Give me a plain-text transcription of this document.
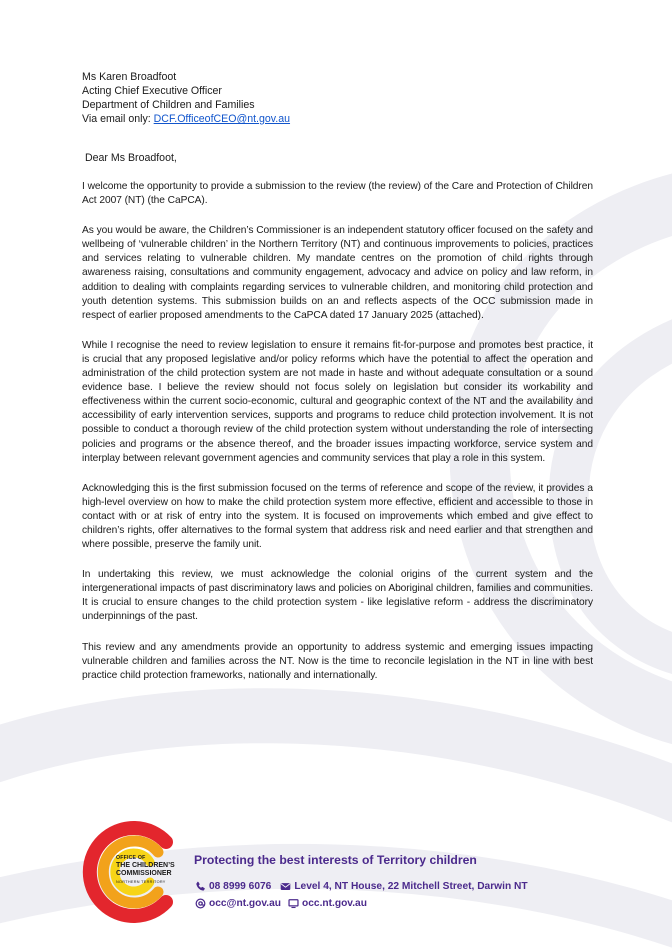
Ms Karen Broadfoot
Acting Chief Executive Officer
Department of Children and Families
Via email only: DCF.OfficeofCEO@nt.gov.au
Dear Ms Broadfoot,

I welcome the opportunity to provide a submission to the review (the review) of the Care and Protection of Children Act 2007 (NT) (the CaPCA).

As you would be aware, the Children’s Commissioner is an independent statutory officer focused on the safety and wellbeing of ‘vulnerable children’ in the Northern Territory (NT) and continuous improvements to policies, practices and services relating to vulnerable children. My mandate centres on the promotion of child rights through awareness raising, consultations and community engagement, advocacy and advice on policy and law reform, in addition to dealing with complaints regarding services to vulnerable children, and monitoring child protection and youth detention systems. This submission builds on an and reflects aspects of the OCC submission made in respect of earlier proposed amendments to the CaPCA dated 17 January 2025 (attached).

While I recognise the need to review legislation to ensure it remains fit-for-purpose and promotes best practice, it is crucial that any proposed legislative and/or policy reforms which have the potential to affect the operation and administration of the child protection system are not made in haste and without adequate consultation or a sound evidence base. I believe the review should not focus solely on legislation but consider its workability and effectiveness within the current socio-economic, cultural and geographic context of the NT and the availability and accessibility of early intervention services, supports and programs to reduce child protection involvement. It is not possible to conduct a thorough review of the child protection system without understanding the role of intersecting policies and programs or the absence thereof, and the broader issues impacting workforce, service system and interplay between relevant government agencies and community services that play a role in this system.

Acknowledging this is the first submission focused on the terms of reference and scope of the review, it provides a high-level overview on how to make the child protection system more effective, efficient and accessible to those in contact with or at risk of entry into the system. It is focused on improvements which embed and give effect to children’s rights, offer alternatives to the formal system that address risk and need earlier and that strengthen and where possible, preserve the family unit.

In undertaking this review, we must acknowledge the colonial origins of the current system and the intergenerational impacts of past discriminatory laws and policies on Aboriginal children, families and communities. It is crucial to ensure changes to the child protection system - like legislative reform - address the discriminatory underpinnings of the past.

This review and any amendments provide an opportunity to address systemic and emerging issues impacting vulnerable children and families across the NT. Now is the time to reconcile legislation in the NT in line with best practice child protection frameworks, nationally and internationally.

OFFICE OF
THE CHILDREN’S
COMMISSIONER
NORTHERN TERRITORY
Protecting the best interests of Territory children
08 8999 6076 Level 4, NT House, 22 Mitchell Street, Darwin NT
occ@nt.gov.au occ.nt.gov.au
